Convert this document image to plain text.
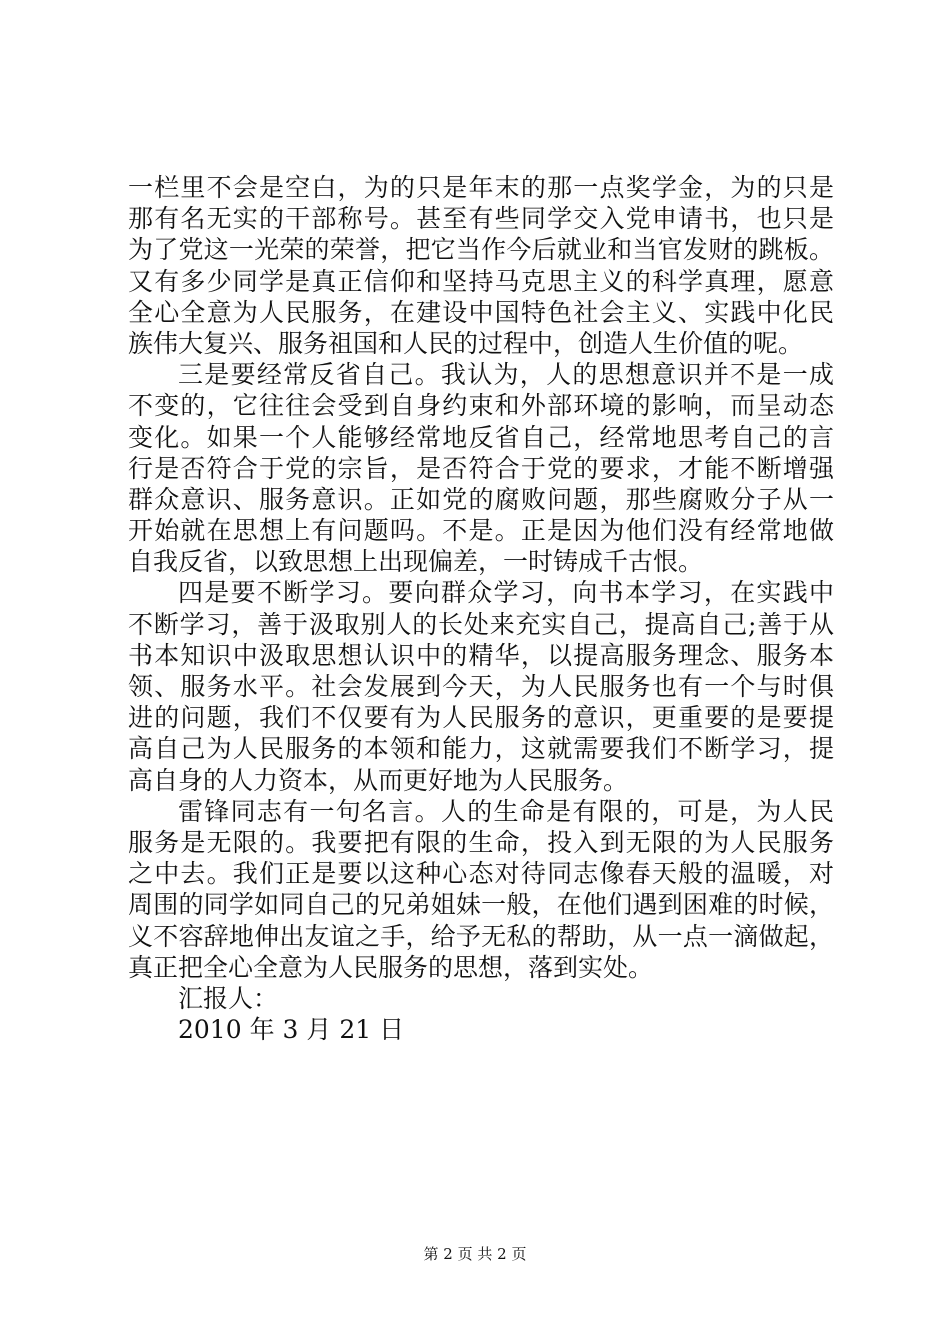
一栏里不会是空白，为的只是年末的那一点奖学金，为的只是
那有名无实的干部称号。甚至有些同学交入党申请书，也只是
为了党这一光荣的荣誉，把它当作今后就业和当官发财的跳板。
又有多少同学是真正信仰和坚持马克思主义的科学真理，愿意
全心全意为人民服务，在建设中国特色社会主义、实践中化民
族伟大复兴、服务祖国和人民的过程中，创造人生价值的呢。
三是要经常反省自己。我认为，人的思想意识并不是一成
不变的，它往往会受到自身约束和外部环境的影响，而呈动态
变化。如果一个人能够经常地反省自己，经常地思考自己的言
行是否符合于党的宗旨，是否符合于党的要求，才能不断增强
群众意识、服务意识。正如党的腐败问题，那些腐败分子从一
开始就在思想上有问题吗。不是。正是因为他们没有经常地做
自我反省，以致思想上出现偏差，一时铸成千古恨。
四是要不断学习。要向群众学习，向书本学习，在实践中
不断学习，善于汲取别人的长处来充实自己，提高自己;善于从
书本知识中汲取思想认识中的精华，以提高服务理念、服务本
领、服务水平。社会发展到今天，为人民服务也有一个与时俱
进的问题，我们不仅要有为人民服务的意识，更重要的是要提
高自己为人民服务的本领和能力，这就需要我们不断学习，提
高自身的人力资本，从而更好地为人民服务。
雷锋同志有一句名言。人的生命是有限的，可是，为人民
服务是无限的。我要把有限的生命，投入到无限的为人民服务
之中去。我们正是要以这种心态对待同志像春天般的温暖，对
周围的同学如同自己的兄弟姐妹一般，在他们遇到困难的时候，
义不容辞地伸出友谊之手，给予无私的帮助，从一点一滴做起，
真正把全心全意为人民服务的思想，落到实处。
汇报人：
2010 年 3 月 21 日
第 2 页 共 2 页
